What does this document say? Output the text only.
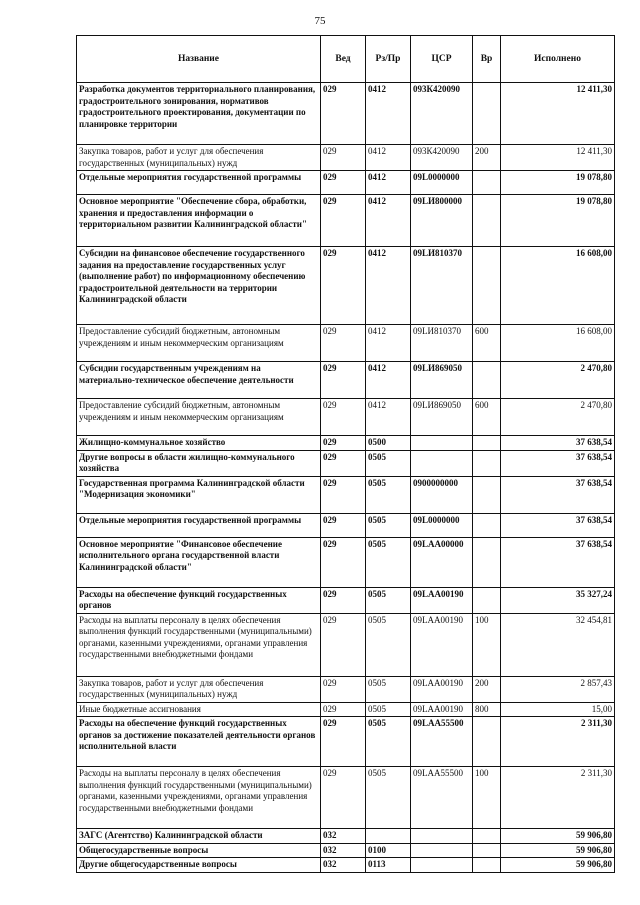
75
Название	Вед	Рз/Пр	ЦСР	Вр	Исполнено
Разработка документов территориального планирования, градостроительного зонирования, нормативов градостроительного проектирования, документации по планировке территории	029	0412	093К420090		12 411,30
Закупка товаров, работ и услуг для обеспечения государственных (муниципальных) нужд	029	0412	093К420090	200	12 411,30
Отдельные мероприятия государственной программы	029	0412	09L0000000		19 078,80
Основное мероприятие "Обеспечение сбора, обработки, хранения и предоставления информации о территориальном развитии Калининградской области"	029	0412	09LИ800000		19 078,80
Субсидии на финансовое обеспечение государственного задания на предоставление государственных услуг (выполнение работ) по информационному обеспечению градостроительной деятельности на территории Калининградской области	029	0412	09LИ810370		16 608,00
Предоставление субсидий бюджетным, автономным учреждениям и иным некоммерческим организациям	029	0412	09LИ810370	600	16 608,00
Субсидии государственным учреждениям на материально-техническое обеспечение деятельности	029	0412	09LИ869050		2 470,80
Предоставление субсидий бюджетным, автономным учреждениям и иным некоммерческим организациям	029	0412	09LИ869050	600	2 470,80
Жилищно-коммунальное хозяйство	029	0500			37 638,54
Другие вопросы в области жилищно-коммунального хозяйства	029	0505			37 638,54
Государственная программа Калининградской области "Модернизация экономики"	029	0505	0900000000		37 638,54
Отдельные мероприятия государственной программы	029	0505	09L0000000		37 638,54
Основное мероприятие "Финансовое обеспечение исполнительного органа государственной власти Калининградской области"	029	0505	09LAA00000		37 638,54
Расходы на обеспечение функций государственных органов	029	0505	09LAA00190		35 327,24
Расходы на выплаты персоналу в целях обеспечения выполнения функций государственными (муниципальными) органами, казенными учреждениями, органами управления государственными внебюджетными фондами	029	0505	09LAA00190	100	32 454,81
Закупка товаров, работ и услуг для обеспечения государственных (муниципальных) нужд	029	0505	09LAA00190	200	2 857,43
Иные бюджетные ассигнования	029	0505	09LAA00190	800	15,00
Расходы на обеспечение функций государственных органов за достижение показателей деятельности органов исполнительной власти	029	0505	09LAA55500		2 311,30
Расходы на выплаты персоналу в целях обеспечения выполнения функций государственными (муниципальными) органами, казенными учреждениями, органами управления государственными внебюджетными фондами	029	0505	09LAA55500	100	2 311,30
ЗАГС (Агентство) Калининградской области	032				59 906,80
Общегосударственные вопросы	032	0100			59 906,80
Другие общегосударственные вопросы	032	0113			59 906,80
